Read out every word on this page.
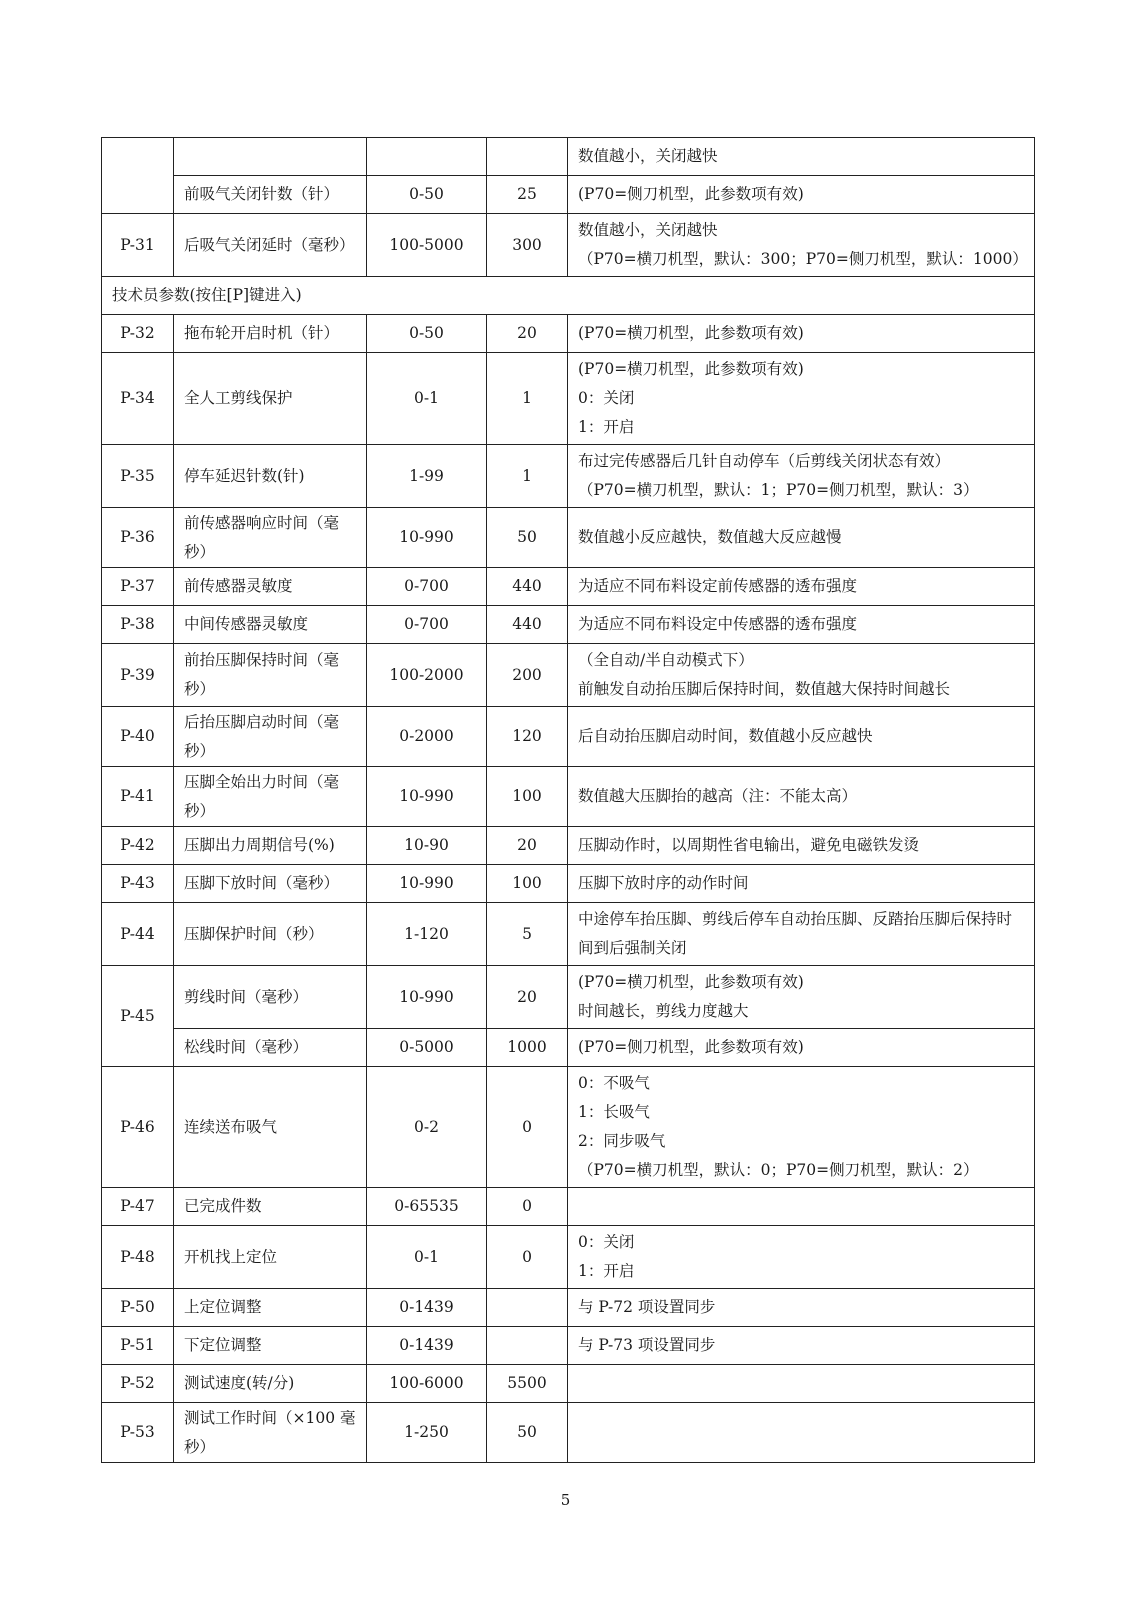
				数值越小，关闭越快

	前吸气关闭针数（针）	0-50	25	(P70=侧刀机型，此参数项有效)

P-31	后吸气关闭延时（毫秒）	100-5000	300	数值越小，关闭越快
（P70=横刀机型，默认：300；P70=侧刀机型，默认：1000）

技术员参数(按住[P]键进入)				
P-32	拖布轮开启时机（针）	0-50	20	(P70=横刀机型，此参数项有效)

P-34	全人工剪线保护	0-1	1	(P70=横刀机型，此参数项有效)
0：关闭
1：开启

P-35	停车延迟针数(针)	1-99	1	布过完传感器后几针自动停车（后剪线关闭状态有效）
（P70=横刀机型，默认：1；P70=侧刀机型，默认：3）

P-36	前传感器响应时间（毫秒）	10-990	50	数值越小反应越快，数值越大反应越慢

P-37	前传感器灵敏度	0-700	440	为适应不同布料设定前传感器的透布强度

P-38	中间传感器灵敏度	0-700	440	为适应不同布料设定中传感器的透布强度

P-39	前抬压脚保持时间（毫秒）	100-2000	200	（全自动/半自动模式下）
前触发自动抬压脚后保持时间，数值越大保持时间越长

P-40	后抬压脚启动时间（毫秒）	0-2000	120	后自动抬压脚启动时间，数值越小反应越快

P-41	压脚全始出力时间（毫秒）	10-990	100	数值越大压脚抬的越高（注：不能太高）

P-42	压脚出力周期信号(%)	10-90	20	压脚动作时，以周期性省电输出，避免电磁铁发烫

P-43	压脚下放时间（毫秒）	10-990	100	压脚下放时序的动作时间

P-44	压脚保护时间（秒）	1-120	5	中途停车抬压脚、剪线后停车自动抬压脚、反踏抬压脚后保持时间到后强制关闭

P-45	剪线时间（毫秒）	10-990	20	(P70=横刀机型，此参数项有效)
时间越长，剪线力度越大

	松线时间（毫秒）	0-5000	1000	(P70=侧刀机型，此参数项有效)

P-46	连续送布吸气	0-2	0	0：不吸气
1：长吸气
2：同步吸气
（P70=横刀机型，默认：0；P70=侧刀机型，默认：2）

P-47	已完成件数	0-65535	0	
P-48	开机找上定位	0-1	0	0：关闭
1：开启

P-50	上定位调整	0-1439		与 P-72 项设置同步

P-51	下定位调整	0-1439		与 P-73 项设置同步

P-52	测试速度(转/分)	100-6000	5500	
P-53	测试工作时间（×100 毫秒）	1-250	50	
5
